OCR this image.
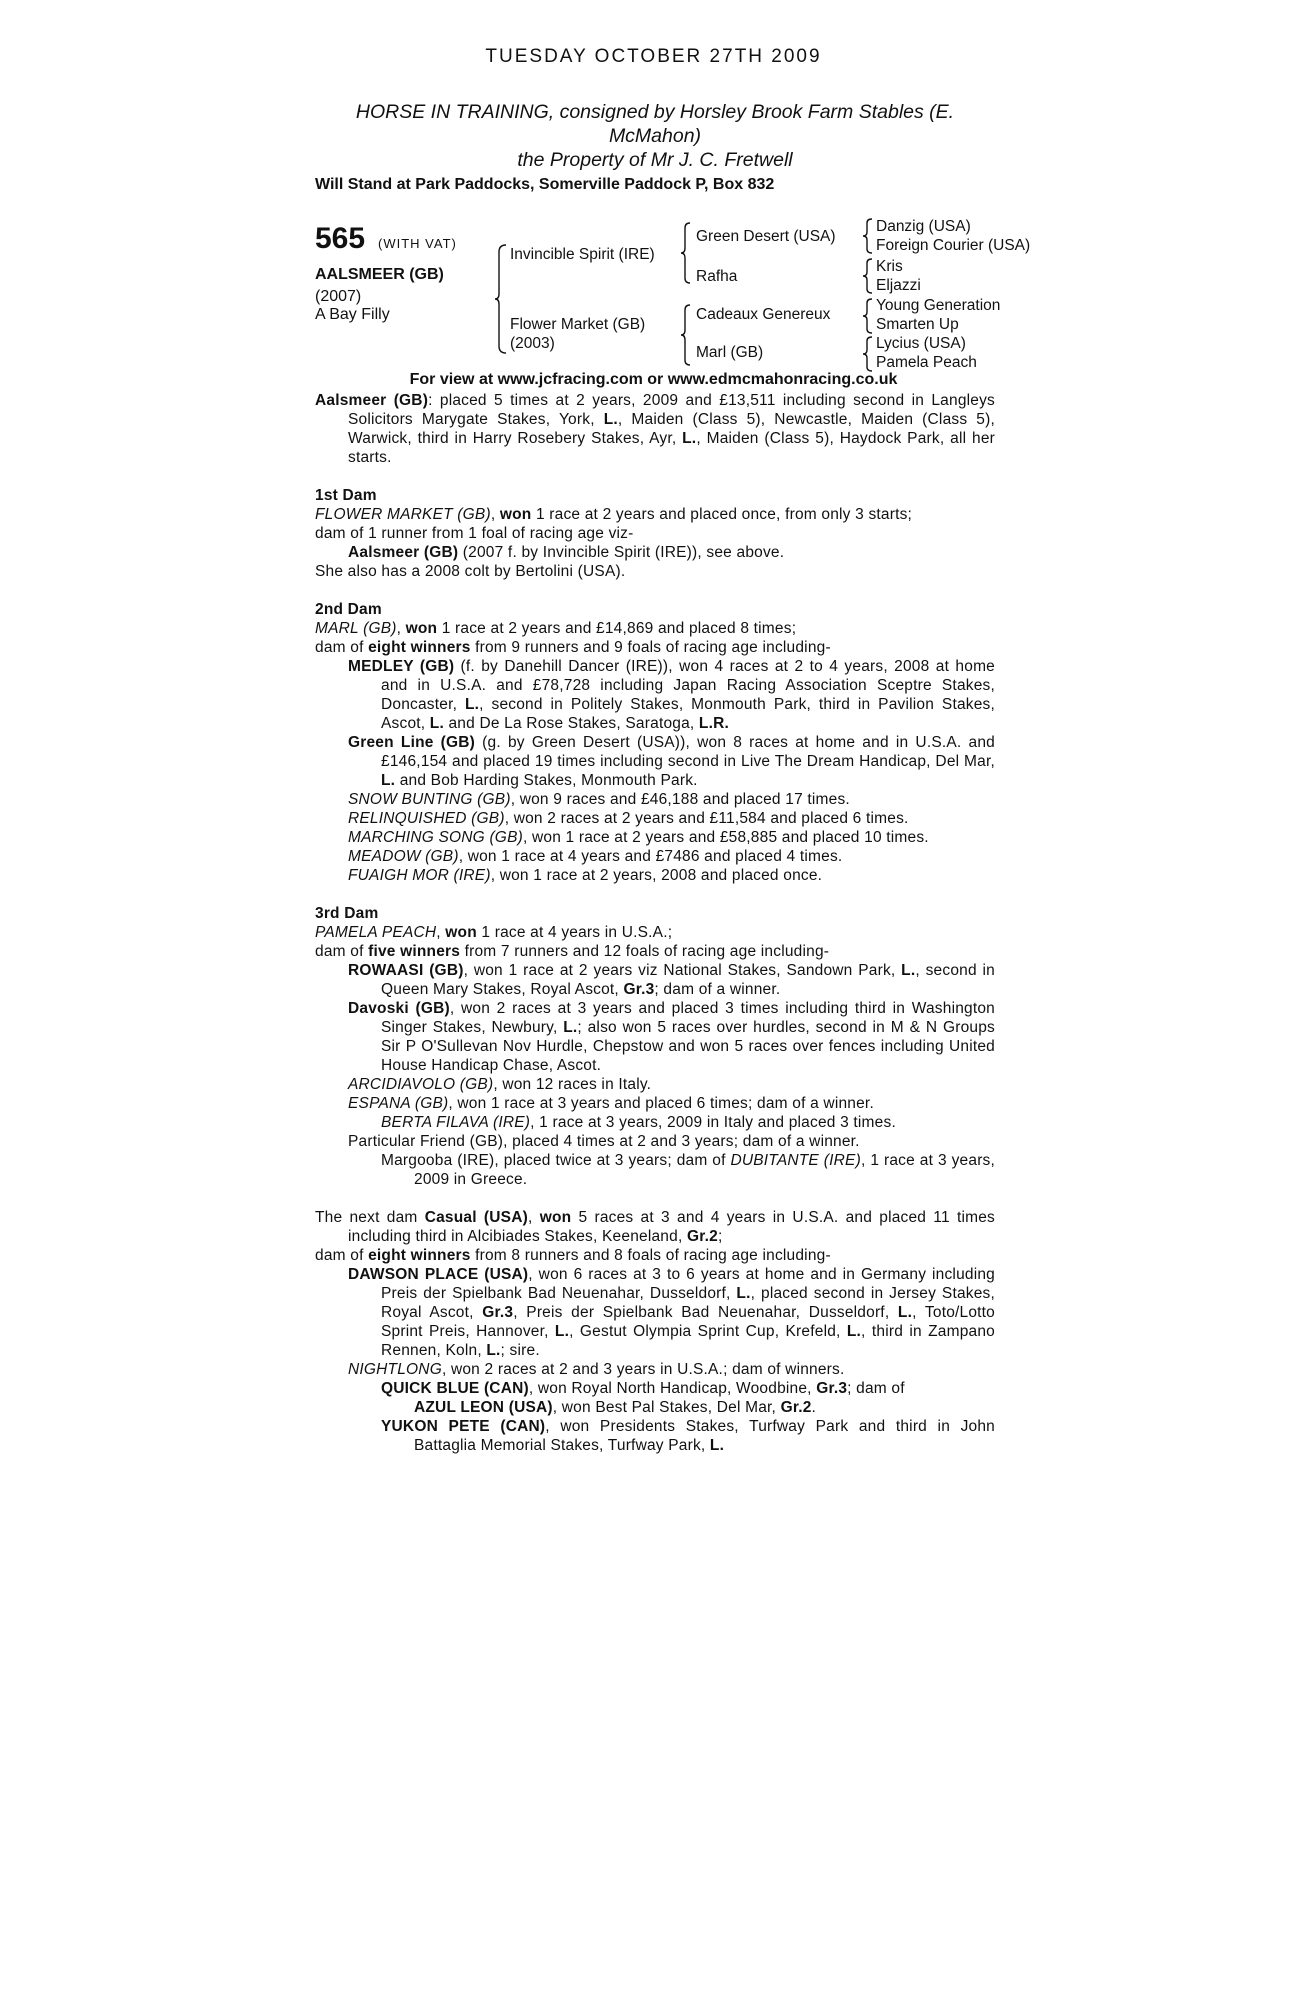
TUESDAY OCTOBER 27TH 2009
HORSE IN TRAINING, consigned by Horsley Brook Farm Stables (E. McMahon)
the Property of Mr J. C. Fretwell
Will Stand at Park Paddocks, Somerville Paddock P, Box 832
565 (WITH VAT)
AALSMEER (GB)
(2007)
A Bay Filly
Invincible Spirit (IRE)
Flower Market (GB)
(2003)
Green Desert (USA)
Rafha
Cadeaux Genereux
Marl (GB)
Danzig (USA)
Foreign Courier (USA)
Kris
Eljazzi
Young Generation
Smarten Up
Lycius (USA)
Pamela Peach
For view at www.jcfracing.com or www.edmcmahonracing.co.uk

Aalsmeer (GB): placed 5 times at 2 years, 2009 and £13,511 including second in Langleys Solicitors Marygate Stakes, York, L., Maiden (Class 5), Newcastle, Maiden (Class 5), Warwick, third in Harry Rosebery Stakes, Ayr, L., Maiden (Class 5), Haydock Park, all her starts.

1st Dam

FLOWER MARKET (GB), won 1 race at 2 years and placed once, from only 3 starts;

dam of 1 runner from 1 foal of racing age viz-

Aalsmeer (GB) (2007 f. by Invincible Spirit (IRE)), see above.

She also has a 2008 colt by Bertolini (USA).

2nd Dam

MARL (GB), won 1 race at 2 years and £14,869 and placed 8 times;

dam of eight winners from 9 runners and 9 foals of racing age including-

MEDLEY (GB) (f. by Danehill Dancer (IRE)), won 4 races at 2 to 4 years, 2008 at home and in U.S.A. and £78,728 including Japan Racing Association Sceptre Stakes, Doncaster, L., second in Politely Stakes, Monmouth Park, third in Pavilion Stakes, Ascot, L. and De La Rose Stakes, Saratoga, L.R.

Green Line (GB) (g. by Green Desert (USA)), won 8 races at home and in U.S.A. and £146,154 and placed 19 times including second in Live The Dream Handicap, Del Mar, L. and Bob Harding Stakes, Monmouth Park.

SNOW BUNTING (GB), won 9 races and £46,188 and placed 17 times.

RELINQUISHED (GB), won 2 races at 2 years and £11,584 and placed 6 times.

MARCHING SONG (GB), won 1 race at 2 years and £58,885 and placed 10 times.

MEADOW (GB), won 1 race at 4 years and £7486 and placed 4 times.

FUAIGH MOR (IRE), won 1 race at 2 years, 2008 and placed once.

3rd Dam

PAMELA PEACH, won 1 race at 4 years in U.S.A.;

dam of five winners from 7 runners and 12 foals of racing age including-

ROWAASI (GB), won 1 race at 2 years viz National Stakes, Sandown Park, L., second in Queen Mary Stakes, Royal Ascot, Gr.3; dam of a winner.

Davoski (GB), won 2 races at 3 years and placed 3 times including third in Washington Singer Stakes, Newbury, L.; also won 5 races over hurdles, second in M & N Groups Sir P O'Sullevan Nov Hurdle, Chepstow and won 5 races over fences including United House Handicap Chase, Ascot.

ARCIDIAVOLO (GB), won 12 races in Italy.

ESPANA (GB), won 1 race at 3 years and placed 6 times; dam of a winner.

BERTA FILAVA (IRE), 1 race at 3 years, 2009 in Italy and placed 3 times.

Particular Friend (GB), placed 4 times at 2 and 3 years; dam of a winner.

Margooba (IRE), placed twice at 3 years; dam of DUBITANTE (IRE), 1 race at 3 years, 2009 in Greece.

The next dam Casual (USA), won 5 races at 3 and 4 years in U.S.A. and placed 11 times including third in Alcibiades Stakes, Keeneland, Gr.2;

dam of eight winners from 8 runners and 8 foals of racing age including-

DAWSON PLACE (USA), won 6 races at 3 to 6 years at home and in Germany including Preis der Spielbank Bad Neuenahar, Dusseldorf, L., placed second in Jersey Stakes, Royal Ascot, Gr.3, Preis der Spielbank Bad Neuenahar, Dusseldorf, L., Toto/Lotto Sprint Preis, Hannover, L., Gestut Olympia Sprint Cup, Krefeld, L., third in Zampano Rennen, Koln, L.; sire.

NIGHTLONG, won 2 races at 2 and 3 years in U.S.A.; dam of winners.

QUICK BLUE (CAN), won Royal North Handicap, Woodbine, Gr.3; dam of

AZUL LEON (USA), won Best Pal Stakes, Del Mar, Gr.2.

YUKON PETE (CAN), won Presidents Stakes, Turfway Park and third in John Battaglia Memorial Stakes, Turfway Park, L.
